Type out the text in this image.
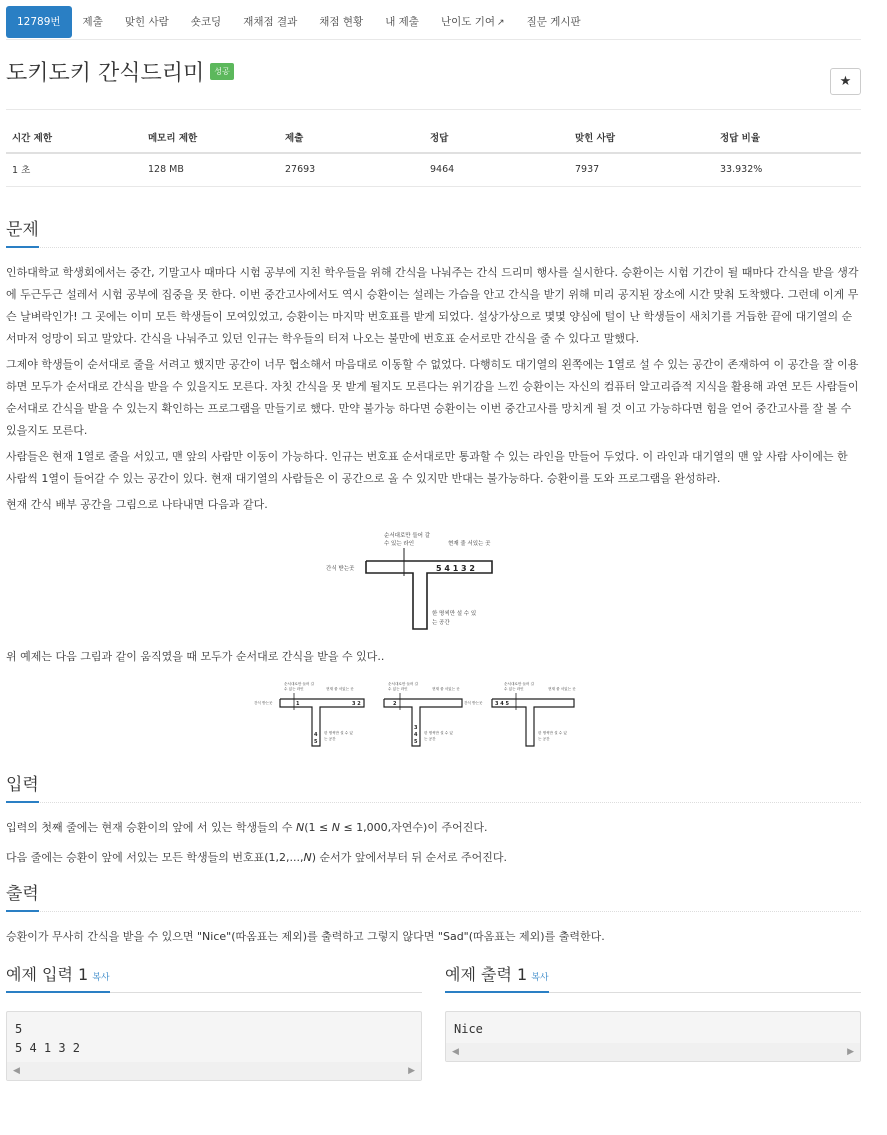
12789번	제출	맞힌 사람	숏코딩	재채점 결과	채점 현황	내 제출	난이도 기여 ↗	질문 게시판
도키도키 간식드리미 성공
★
시간 제한	메모리 제한	제출	정답	맞힌 사람	정답 비율
1 초	128 MB	27693	9464	7937	33.932%
문제

인하대학교 학생회에서는 중간, 기말고사 때마다 시험 공부에 지친 학우들을 위해 간식을 나눠주는 간식 드리미 행사를 실시한다. 승환이는 시험 기간이 될 때마다 간식을 받을 생각에 두근두근 설레서 시험 공부에 집중을 못 한다. 이번 중간고사에서도 역시 승환이는 설레는 가슴을 안고 간식을 받기 위해 미리 공지된 장소에 시간 맞춰 도착했다. 그런데 이게 무슨 날벼락인가! 그 곳에는 이미 모든 학생들이 모여있었고, 승환이는 마지막 번호표를 받게 되었다. 설상가상으로 몇몇 양심에 털이 난 학생들이 새치기를 거듭한 끝에 대기열의 순서마저 엉망이 되고 말았다. 간식을 나눠주고 있던 인규는 학우들의 터져 나오는 불만에 번호표 순서로만 간식을 줄 수 있다고 말했다.

그제야 학생들이 순서대로 줄을 서려고 했지만 공간이 너무 협소해서 마음대로 이동할 수 없었다. 다행히도 대기열의 왼쪽에는 1열로 설 수 있는 공간이 존재하여 이 공간을 잘 이용하면 모두가 순서대로 간식을 받을 수 있을지도 모른다. 자칫 간식을 못 받게 될지도 모른다는 위기감을 느낀 승환이는 자신의 컴퓨터 알고리즘적 지식을 활용해 과연 모든 사람들이 순서대로 간식을 받을 수 있는지 확인하는 프로그램을 만들기로 했다. 만약 불가능 하다면 승환이는 이번 중간고사를 망치게 될 것 이고 가능하다면 힘을 얻어 중간고사를 잘 볼 수 있을지도 모른다.

사람들은 현재 1열로 줄을 서있고, 맨 앞의 사람만 이동이 가능하다. 인규는 번호표 순서대로만 통과할 수 있는 라인을 만들어 두었다. 이 라인과 대기열의 맨 앞 사람 사이에는 한 사람씩 1열이 들어갈 수 있는 공간이 있다. 현재 대기열의 사람들은 이 공간으로 올 수 있지만 반대는 불가능하다. 승환이를 도와 프로그램을 완성하라.

현재 간식 배부 공간을 그림으로 나타내면 다음과 같다.

순서대로만 들어 갈
수 있는 라인	현재 줄 서있는 곳
간식 받는곳	5 4 1 3 2
한 명씩만 설 수 있
는 공간

위 예제는 다음 그림과 같이 움직였을 때 모두가 순서대로 간식을 받을 수 있다..

순서대로만 들어 갈
수 있는 라인	현재 줄 서있는 곳
간식 받는곳	1	3 2
4
5
한 명씩만 설 수 있
는 공간
순서대로만 들어 갈
수 있는 라인	현재 줄 서있는 곳
간식 받는곳
2
3
4
5
한 명씩만 설 수 있
는 공간
순서대로만 들어 갈
수 있는 라인	현재 줄 서있는 곳
3 4 5
한 명씩만 설 수 있
는 공간
입력

입력의 첫째 줄에는 현재 승환이의 앞에 서 있는 학생들의 수 N(1 ≤ N ≤ 1,000,자연수)이 주어진다.

다음 줄에는 승환이 앞에 서있는 모든 학생들의 번호표(1,2,...,N) 순서가 앞에서부터 뒤 순서로 주어진다.

출력

승환이가 무사히 간식을 받을 수 있으면 "Nice"(따옴표는 제외)를 출력하고 그렇지 않다면 "Sad"(따옴표는 제외)를 출력한다.

예제 입력 1 복사
5
5 4 1 3 2
◀	▶
예제 출력 1 복사
Nice
◀	▶
